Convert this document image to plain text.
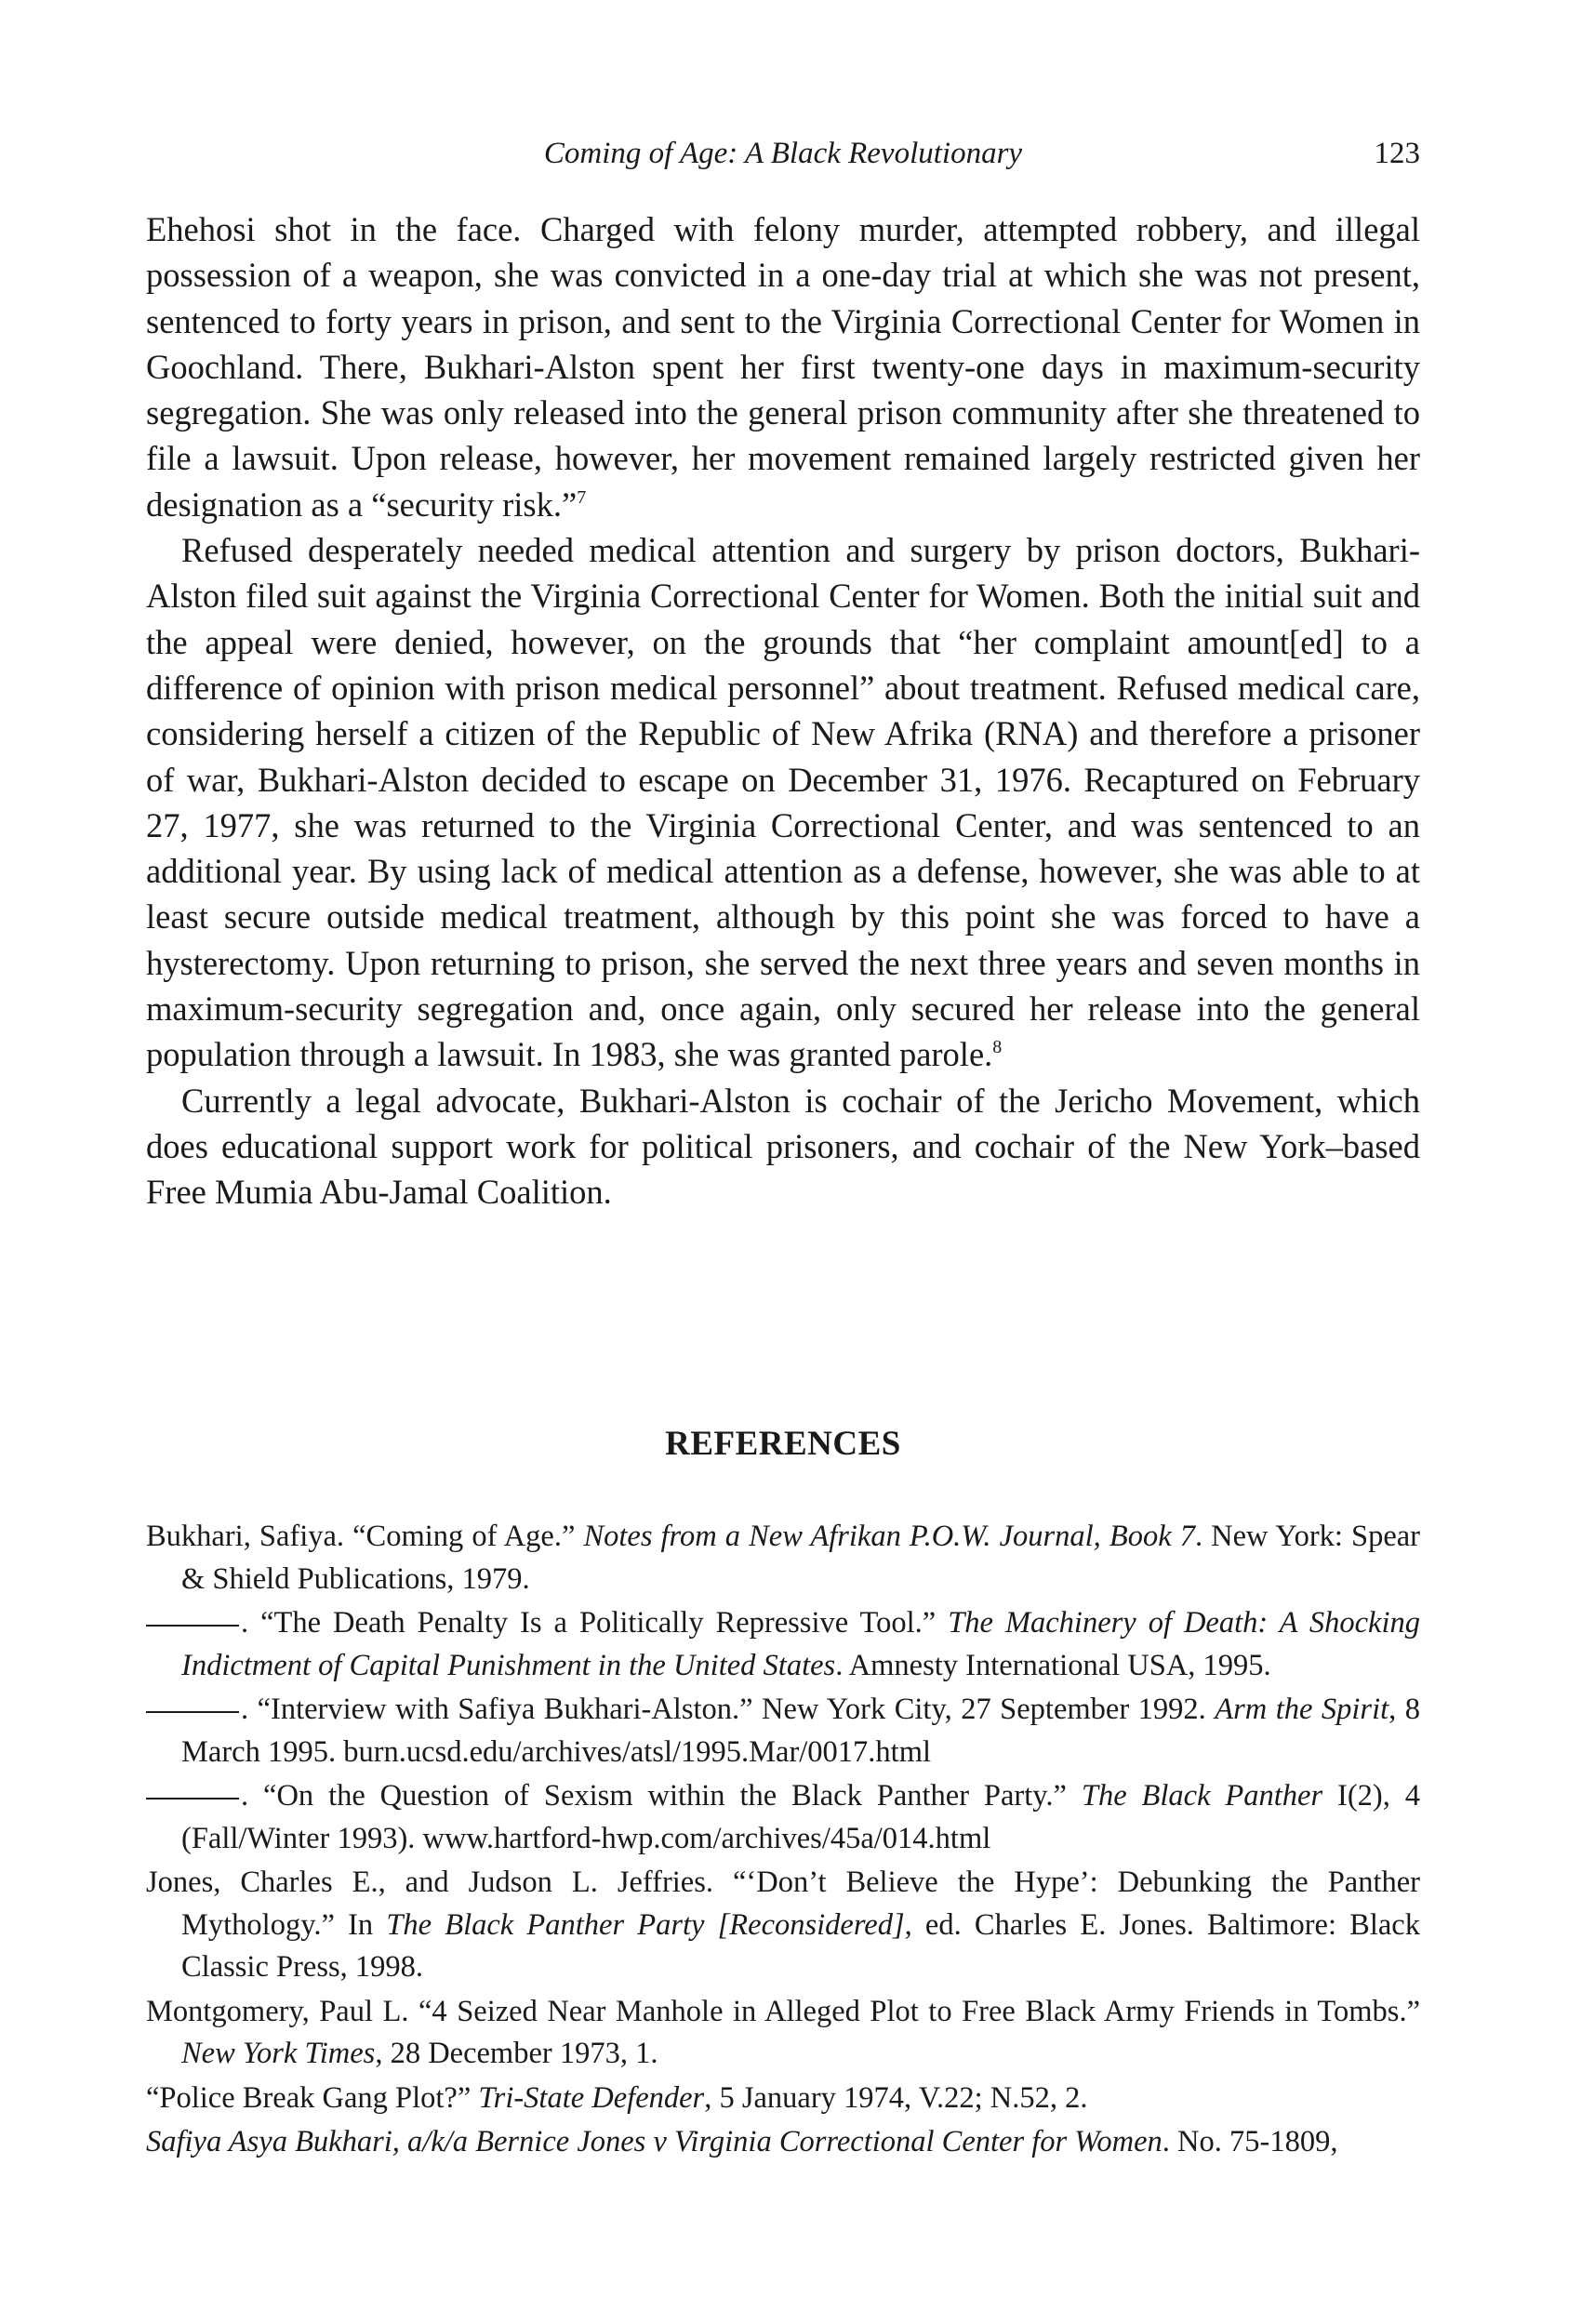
Coming of Age: A Black Revolutionary	123

Ehehosi shot in the face. Charged with felony murder, attempted robbery, and illegal possession of a weapon, she was convicted in a one-day trial at which she was not present, sentenced to forty years in prison, and sent to the Virginia Correctional Center for Women in Goochland. There, Bukhari-Alston spent her first twenty-one days in maximum-security segregation. She was only released into the general prison community after she threatened to file a lawsuit. Upon release, however, her movement remained largely restricted given her designation as a “security risk.”$^7$

Refused desperately needed medical attention and surgery by prison doctors, Bukhari-Alston filed suit against the Virginia Correctional Center for Women. Both the initial suit and the appeal were denied, however, on the grounds that “her complaint amount[ed] to a difference of opinion with prison medical personnel” about treatment. Refused medical care, considering herself a citizen of the Republic of New Afrika (RNA) and therefore a prisoner of war, Bukhari-Alston decided to escape on December 31, 1976. Recaptured on February 27, 1977, she was returned to the Virginia Correctional Center, and was sentenced to an additional year. By using lack of medical attention as a defense, however, she was able to at least secure outside medical treatment, although by this point she was forced to have a hysterectomy. Upon returning to prison, she served the next three years and seven months in maximum-security segregation and, once again, only secured her release into the general population through a lawsuit. In 1983, she was granted parole.$^8$

Currently a legal advocate, Bukhari-Alston is cochair of the Jericho Movement, which does educational support work for political prisoners, and cochair of the New York–based Free Mumia Abu-Jamal Coalition.

REFERENCES

Bukhari, Safiya. “Coming of Age.” Notes from a New Afrikan P.O.W. Journal, Book 7. New York: Spear & Shield Publications, 1979.

. “The Death Penalty Is a Politically Repressive Tool.” The Machinery of Death: A Shocking Indictment of Capital Punishment in the United States. Amnesty International USA, 1995.

. “Interview with Safiya Bukhari-Alston.” New York City, 27 September 1992. Arm the Spirit, 8 March 1995. burn.ucsd.edu/archives/atsl/1995.Mar/0017.html

. “On the Question of Sexism within the Black Panther Party.” The Black Panther I(2), 4 (Fall/Winter 1993). www.hartford-hwp.com/archives/45a/014.html

Jones, Charles E., and Judson L. Jeffries. “‘Don’t Believe the Hype’: Debunking the Panther Mythology.” In The Black Panther Party [Reconsidered], ed. Charles E. Jones. Baltimore: Black Classic Press, 1998.

Montgomery, Paul L. “4 Seized Near Manhole in Alleged Plot to Free Black Army Friends in Tombs.” New York Times, 28 December 1973, 1.

“Police Break Gang Plot?” Tri-State Defender, 5 January 1974, V.22; N.52, 2.

Safiya Asya Bukhari, a/k/a Bernice Jones v Virginia Correctional Center for Women. No. 75-1809,
